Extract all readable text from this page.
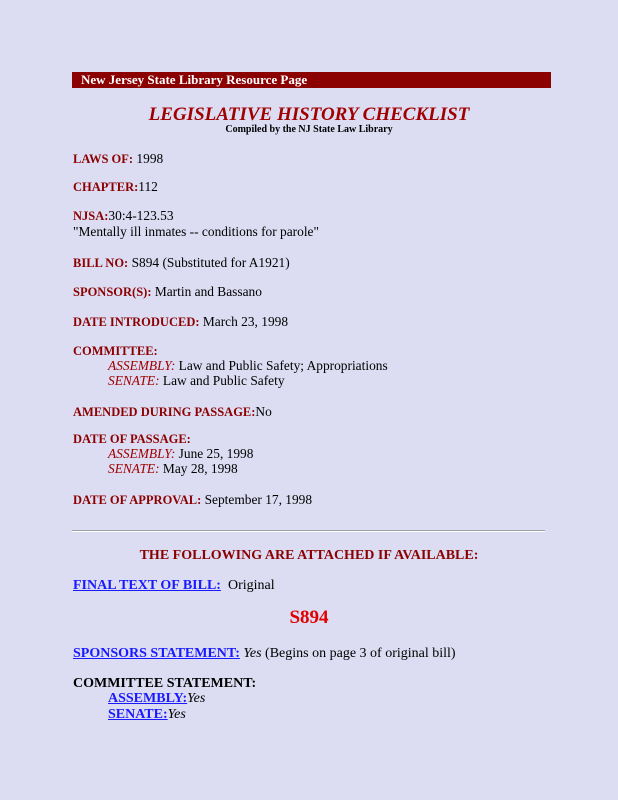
New Jersey State Library Resource Page
LEGISLATIVE HISTORY CHECKLIST
Compiled by the NJ State Law Library
LAWS OF: 1998
CHAPTER:112
NJSA:30:4-123.53
"Mentally ill inmates -- conditions for parole"
BILL NO: S894 (Substituted for A1921)
SPONSOR(S): Martin and Bassano
DATE INTRODUCED: March 23, 1998
COMMITTEE:
ASSEMBLY: Law and Public Safety; Appropriations
SENATE: Law and Public Safety
AMENDED DURING PASSAGE:No
DATE OF PASSAGE:
ASSEMBLY: June 25, 1998
SENATE: May 28, 1998
DATE OF APPROVAL: September 17, 1998
THE FOLLOWING ARE ATTACHED IF AVAILABLE:
FINAL TEXT OF BILL: Original
S894
SPONSORS STATEMENT: Yes (Begins on page 3 of original bill)
COMMITTEE STATEMENT:
ASSEMBLY:Yes
SENATE:Yes
